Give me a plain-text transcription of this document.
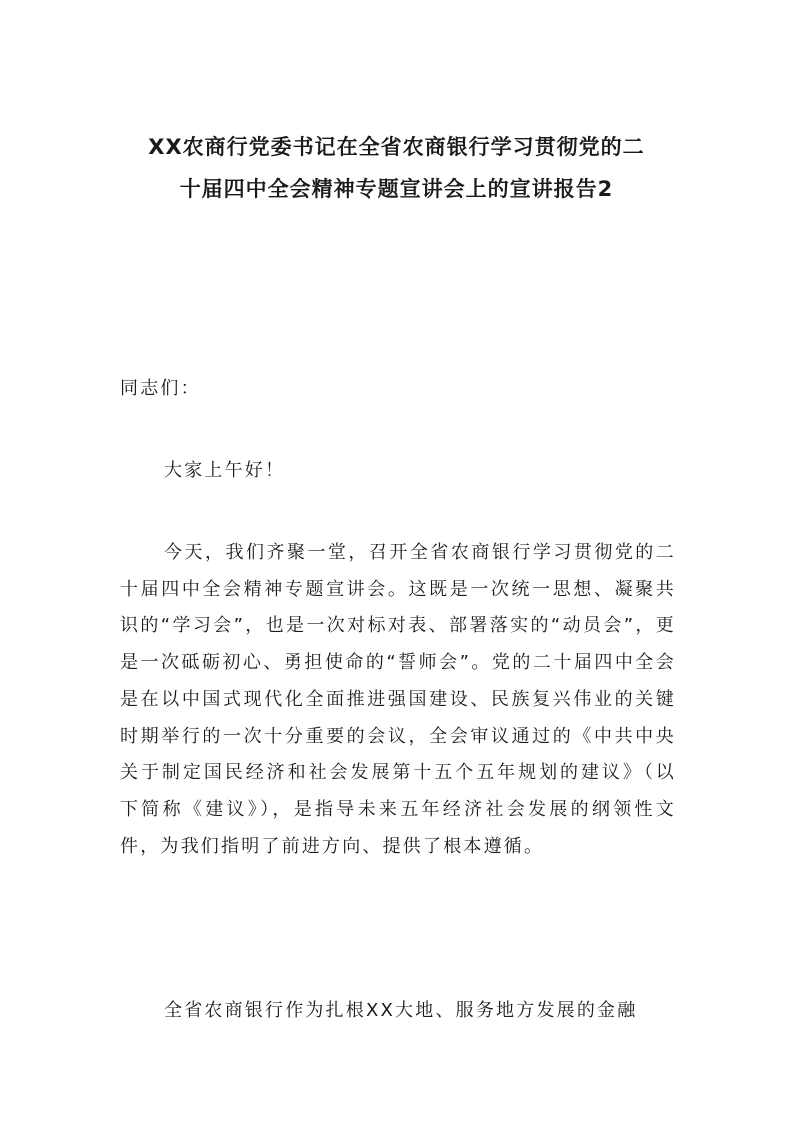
XX农商行党委书记在全省农商银行学习贯彻党的二
十届四中全会精神专题宣讲会上的宣讲报告2
同志们：
大家上午好！
今天，我们齐聚一堂，召开全省农商银行学习贯彻党的二十届四中全会精神专题宣讲会。这既是一次统一思想、凝聚共识的“学习会”，也是一次对标对表、部署落实的“动员会”，更是一次砥砺初心、勇担使命的“誓师会”。党的二十届四中全会是在以中国式现代化全面推进强国建设、民族复兴伟业的关键时期举行的一次十分重要的会议，全会审议通过的《中共中央关于制定国民经济和社会发展第十五个五年规划的建议》（以下简称《建议》），是指导未来五年经济社会发展的纲领性文件，为我们指明了前进方向、提供了根本遵循。
全省农商银行作为扎根XX大地、服务地方发展的金融
